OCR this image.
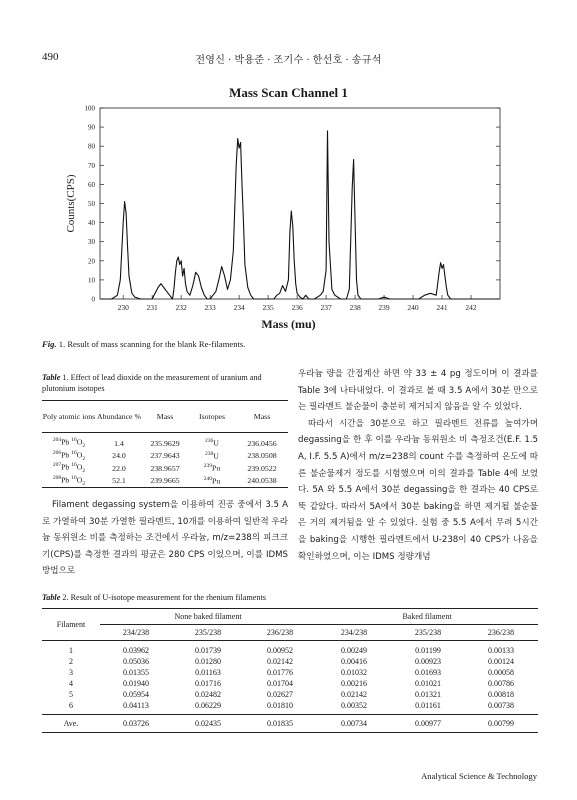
490	전영신 · 박용준 · 조기수 · 한선호 · 송규석
Mass Scan Channel 1
0
10
20
30
40
50
60
70
80
90
100
230 231 232 233 234 235 236 237 238 239 240 241 242
Counts(CPS)
Mass (mu)
Fig. 1. Result of mass scanning for the blank Re-filaments.
Table 1. Effect of lead dioxide on the measurement of uranium and plutonium isotopes
Poly atomic ions	Abundance %	Mass	Isotopes	Mass
$^{204}$Pb $^{16}O_2$	1.4	235.9629	$^{236}$U	236.0456
$^{206}$Pb $^{16}O_2$	24.0	237.9643	$^{238}$U	238.0508
$^{207}$Pb $^{16}O_2$	22.0	238.9657	$^{239}$Pu	239.0522
$^{208}$Pb $^{16}O_2$	52.1	239.9665	$^{240}$Pu	240.0538
Filament degassing system을 이용하여 진공 중에서 3.5 A로 가열하여 30분 가열한 필라멘트, 10개를 이용하여 일반적 우라늄 동위원소 비를 측정하는 조건에서 우라늄, m/z=238의 피크크기(CPS)를 측정한 결과의 평균은 280 CPS 이었으며, 이를 IDMS 방법으로

우라늄 량을 간접계산 하면 약 33 ± 4 pg 정도이며 이 결과를 Table 3에 나타내었다. 이 결과로 볼 때 3.5 A에서 30분 만으로는 필라멘트 불순물이 충분히 제거되지 않음을 알 수 있었다.

따라서 시간을 30분으로 하고 필라멘트 전류를 높여가며 degassing을 한 후 이를 우라늄 동위원소 비 측정조건(E.F. 1.5 A, I.F. 5.5 A)에서 m/z=238의 count 수를 측정하여 온도에 따른 불순물제거 정도를 시험했으며 이의 결과를 Table 4에 보였다. 5A 와 5.5 A에서 30분 degassing을 한 결과는 40 CPS로 뚝 같았다. 따라서 5A에서 30분 baking을 하면 제거될 불순물은 거의 제거됨을 알 수 있었다. 실험 중 5.5 A에서 무려 5시간을 baking을 시행한 필라멘트에서 U-238이 40 CPS가 나옴을 확인하였으며, 이는 IDMS 정량개념

Table 2. Result of U-isotope measurement for the rhenium filaments
Filament	None baked filament			Baked filament		
	234/238	235/238	236/238	234/238	235/238	236/238
1	0.03962	0.01739	0.00952	0.00249	0.01199	0.00133
2	0.05036	0.01280	0.02142	0.00416	0.00923	0.00124
3	0.01355	0.01163	0.01776	0.01032	0.01693	0.00058
4	0.01940	0.01716	0.01704	0.00216	0.01021	0.00786
5	0.05954	0.02482	0.02627	0.02142	0.01321	0.00818
6	0.04113	0.06229	0.01810	0.00352	0.01161	0.00738
Ave.	0.03726	0.02435	0.01835	0.00734	0.00977	0.00799
Analytical Science & Technology
